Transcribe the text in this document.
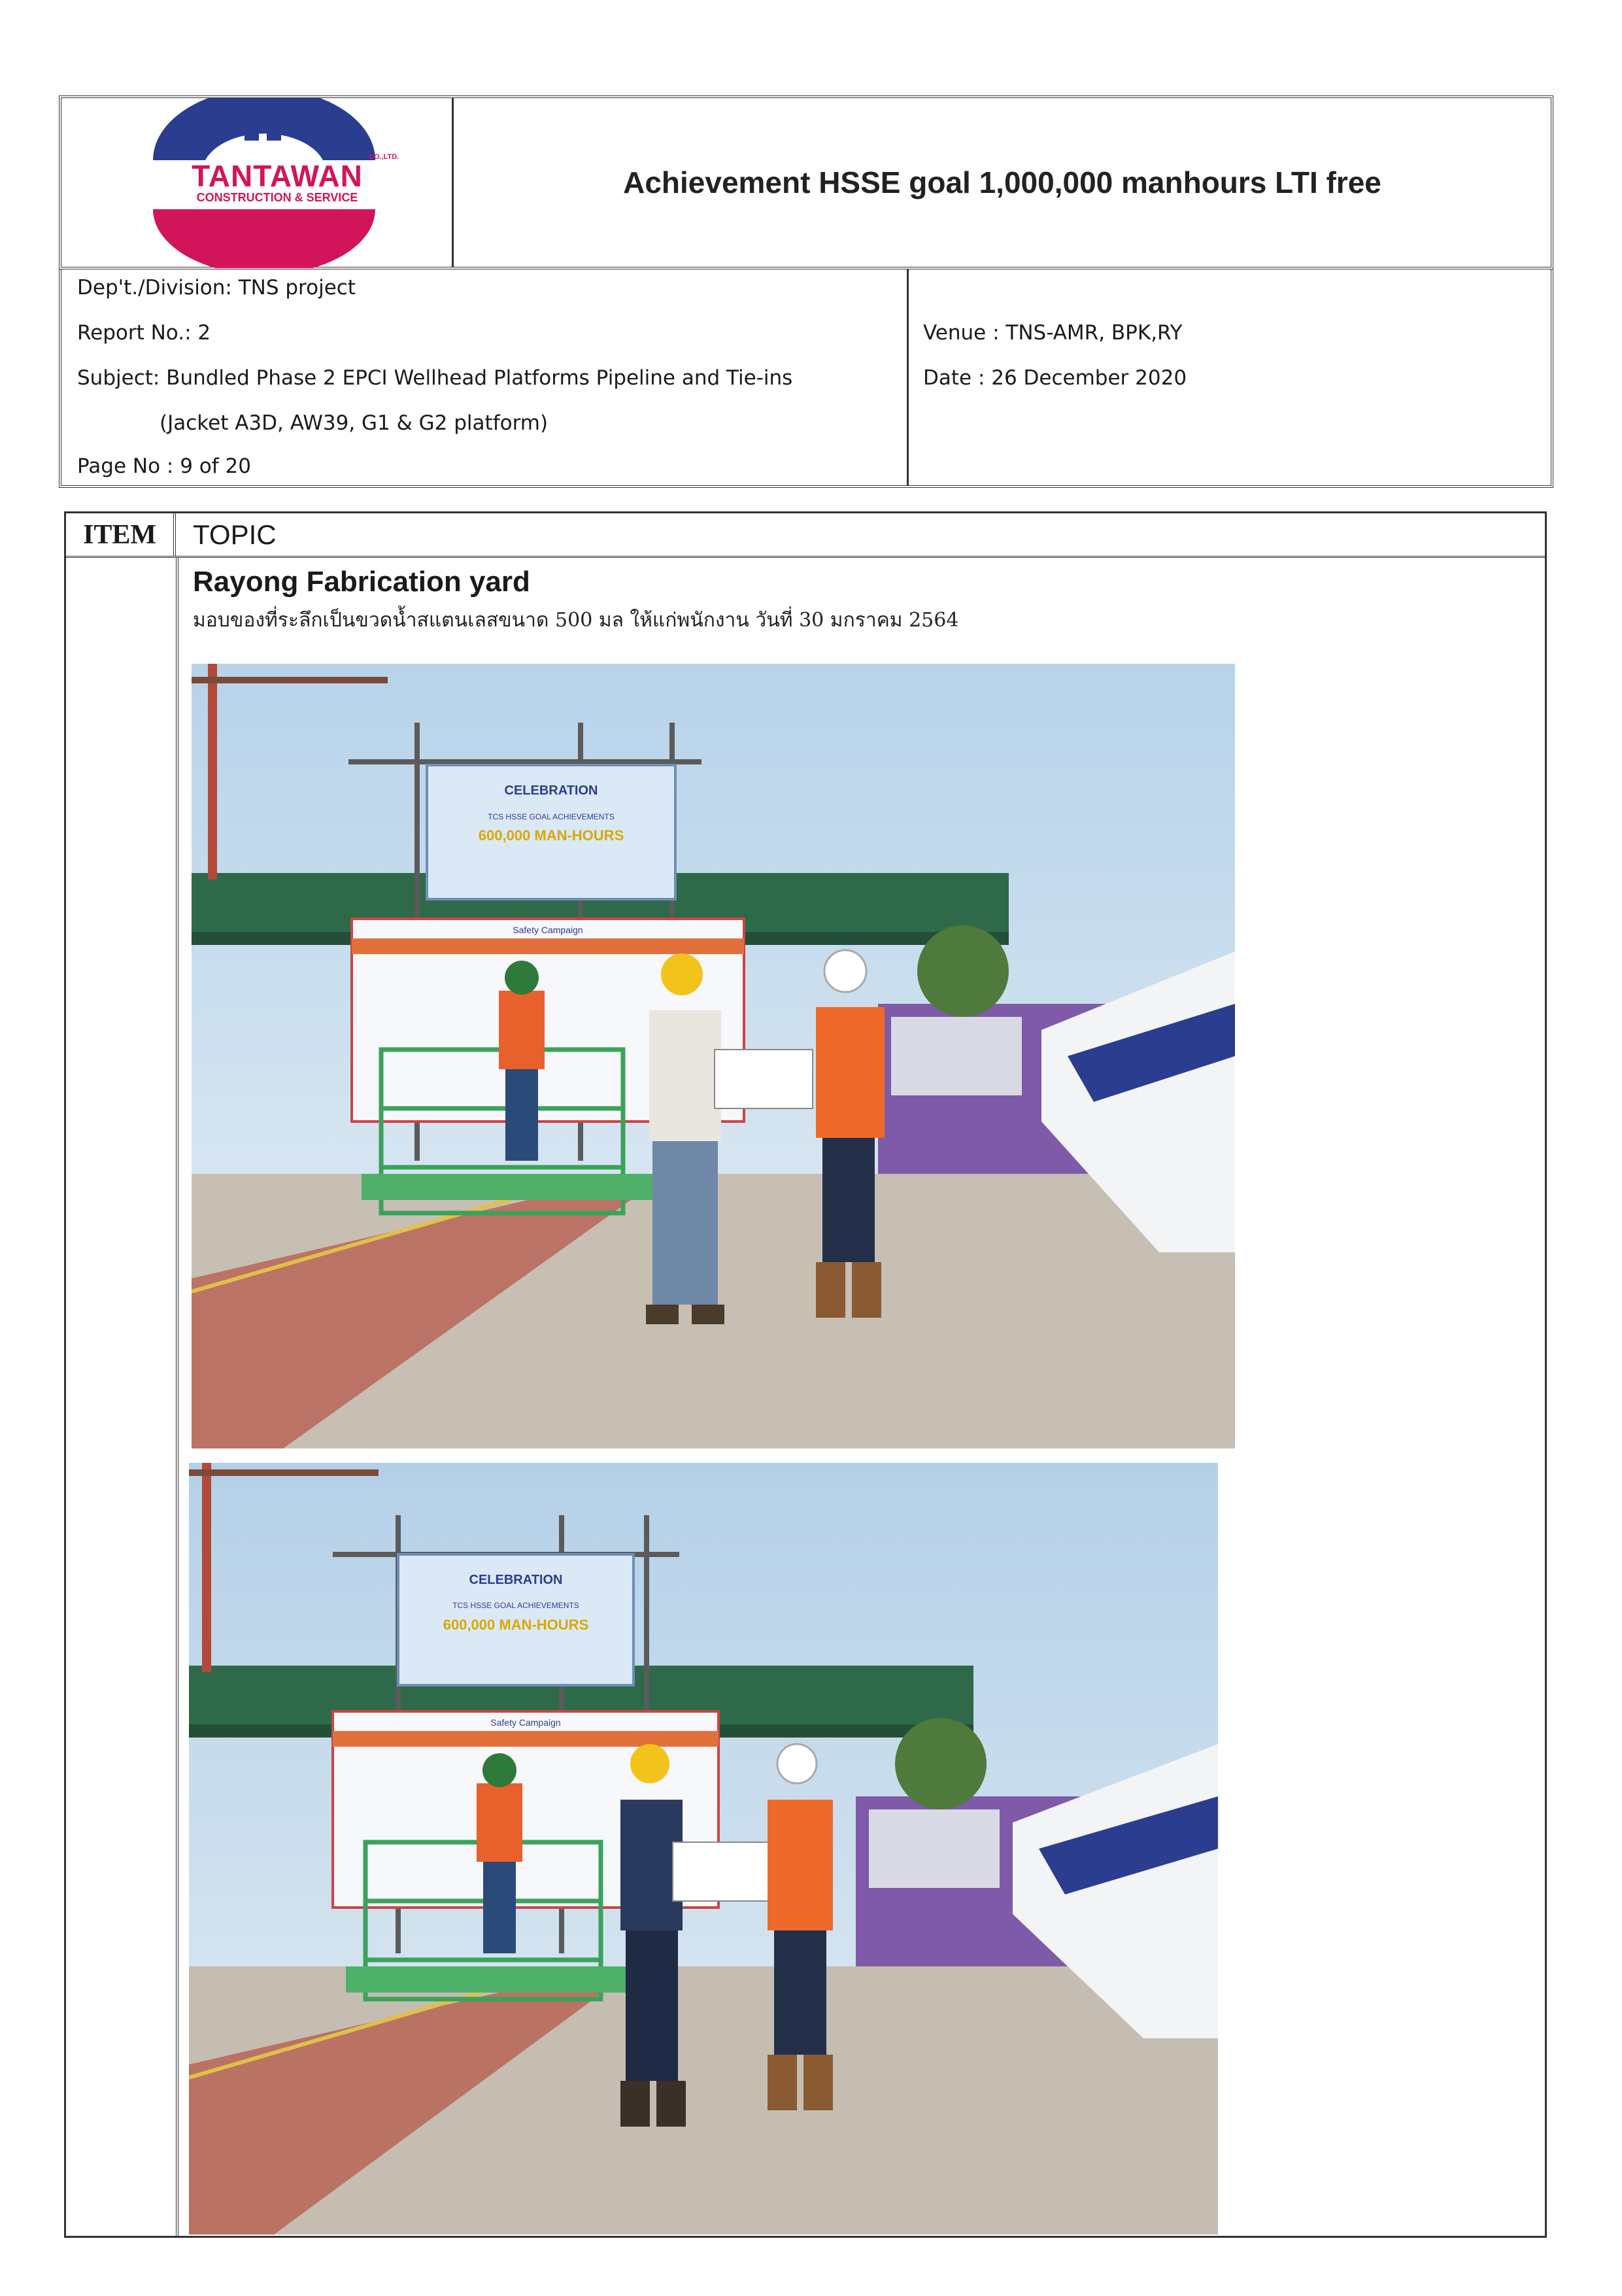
TANTAWAN
CO.,LTD.
CONSTRUCTION & SERVICE	Achievement HSSE goal 1,000,000 manhours LTI free
Dep't./Division: TNS project
Report No.: 2
Subject: Bundled Phase 2 EPCI Wellhead Platforms Pipeline and Tie-ins
(Jacket A3D, AW39, G1 & G2 platform)
Page No : 9 of 20
Venue : TNS-AMR, BPK,RY
Date : 26 December 2020
ITEM	TOPIC
Rayong Fabrication yard
มอบของที่ระลึกเป็นขวดน้ำสแตนเลสขนาด 500 มล ให้แก่พนักงาน วันที่ 30 มกราคม 2564
CELEBRATION
TCS HSSE GOAL ACHIEVEMENTS
600,000 MAN-HOURS
Safety Campaign
CELEBRATION
TCS HSSE GOAL ACHIEVEMENTS
600,000 MAN-HOURS
Safety Campaign
